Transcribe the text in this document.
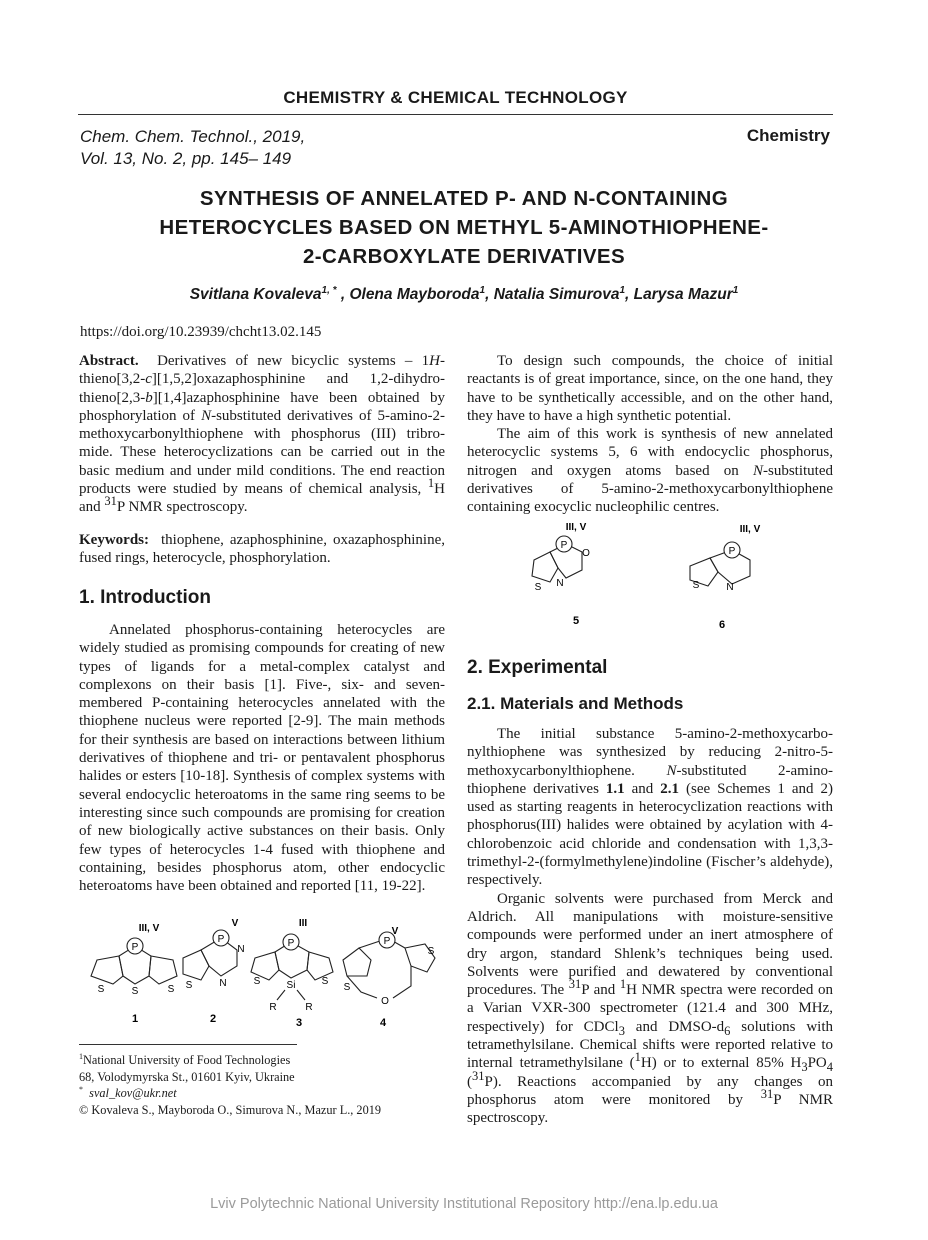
CHEMISTRY & CHEMICAL TECHNOLOGY
Chem. Chem. Technol., 2019,
Vol. 13, No. 2, pp. 145– 149
Chemistry
SYNTHESIS OF ANNELATED P- AND N-CONTAINING
HETEROCYCLES BASED ON METHYL 5-AMINOTHIOPHENE-
2-CARBOXYLATE DERIVATIVES
Svitlana Kovaleva$^{1, *}$ , Olena Mayboroda$^1$, Natalia Simurova$^1$, Larysa Mazur$^1$
https://doi.org/10.23939/chcht13.02.145

Abstract.  Derivatives of new bicyclic systems – 1H-thieno[3,2-c][1,5,2]oxazaphosphinine and 1,2-dihydro-thieno[2,3-b][1,4]azaphosphinine have been obtained by phosphorylation of N-substituted derivatives of 5-amino-2-methoxycarbonylthiophene with phosphorus (III) tribro-mide. These heterocyclizations can be carried out in the basic medium and under mild conditions. The end reaction products were studied by means of chemical analysis, $^1$H and $^{31}$P NMR spectroscopy.

Keywords: thiophene, azaphosphinine, oxazaphosphinine, fused rings, heterocycle, phosphorylation.

1. Introduction

Annelated phosphorus-containing heterocycles are widely studied as promising compounds for creating of new types of ligands for a metal-complex catalyst and complexons on their basis [1]. Five-, six- and seven-membered P-containing heterocycles annelated with the thiophene nucleus were reported [2-9]. The main methods for their synthesis are based on interactions between lithium derivatives of thiophene and tri- or pentavalent phosphorus halides or esters [10-18]. Synthesis of complex systems with several endocyclic heteroatoms in the same ring seems to be interesting since such compounds are promising for creation of new biologically active substances on their basis. Only few types of heterocycles 1-4 fused with thiophene and containing, besides phosphorus atom, other endocyclic heteroatoms have been obtained and reported [11, 19-22].

P
S	S	S
III, V
1
P
N
N
S
V
2
P
Si
R	R
S	S
III
3
P
O
S
S
V
4
$^1$National University of Food Technologies
68, Volodymyrska St., 01601 Kyiv, Ukraine
* sval_kov@ukr.net
© Kovaleva S., Mayboroda O., Simurova N., Mazur L., 2019

To design such compounds, the choice of initial reactants is of great importance, since, on the one hand, they have to be synthetically accessible, and on the other hand, they have to have a high synthetic potential.

The aim of this work is synthesis of new annelated heterocyclic systems 5, 6 with endocyclic phosphorus, nitrogen and oxygen atoms based on N-substituted derivatives of 5-amino-2-methoxycarbonylthiophene containing exocyclic nucleophilic centres.

P
O
N
S
III, V
5
P
N
S
III, V
6
2. Experimental
2.1. Materials and Methods

The initial substance 5-amino-2-methoxycarbo-nylthiophene was synthesized by reducing 2-nitro-5-methoxycarbonylthiophene. N-substituted 2-amino-thiophene derivatives 1.1 and 2.1 (see Schemes 1 and 2) used as starting reagents in heterocyclization reactions with phosphorus(III) halides were obtained by acylation with 4-chlorobenzoic acid chloride and condensation with 1,3,3-trimethyl-2-(formylmethylene)indoline (Fischer’s aldehyde), respectively.

Organic solvents were purchased from Merck and Aldrich. All manipulations with moisture-sensitive compounds were performed under an inert atmosphere of dry argon, standard Shlenk’s techniques being used. Solvents were purified and dewatered by conventional procedures. The $^{31}$P and $^1$H NMR spectra were recorded on a Varian VXR-300 spectrometer (121.4 and 300 MHz, respectively) for CDCl$_3$ and DMSO-$d_6$ solutions with tetramethylsilane. Chemical shifts were reported relative to internal tetramethylsilane ($^1$H) or to external 85% $H_3PO_4$ ($^{31}$P). Reactions accompanied by any changes on phosphorus atom were monitored by $^{31}$P NMR spectroscopy.

Lviv Polytechnic National University Institutional Repository http://ena.lp.edu.ua
